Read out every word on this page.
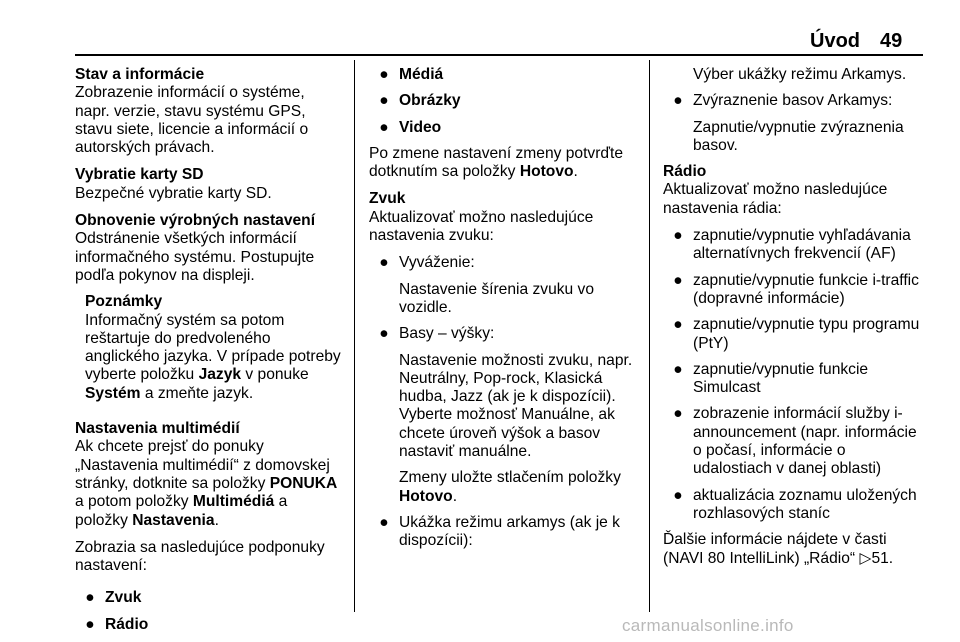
Úvod 49
Stav a informácie
Zobrazenie informácií o systéme, napr. verzie, stavu systému GPS, stavu siete, licencie a informácií o autorských právach.
Vybratie karty SD
Bezpečné vybratie karty SD.
Obnovenie výrobných nastavení
Odstránenie všetkých informácií informačného systému. Postupujte podľa pokynov na displeji.
Poznámky
Informačný systém sa potom reštartuje do predvoleného anglického jazyka. V prípade potreby vyberte položku Jazyk v ponuke Systém a zmeňte jazyk.
Nastavenia multimédií
Ak chcete prejsť do ponuky „Nastavenia multimédií“ z domovskej stránky, dotknite sa položky PONUKA a potom položky Multimédiá a položky Nastavenia.
Zobrazia sa nasledujúce podponuky nastavení:
● Zvuk
● Rádio
● Médiá
● Obrázky
● Video
Po zmene nastavení zmeny potvrďte dotknutím sa položky Hotovo.
Zvuk
Aktualizovať možno nasledujúce nastavenia zvuku:
● Vyváženie:
Nastavenie šírenia zvuku vo vozidle.
● Basy – výšky:
Nastavenie možnosti zvuku, napr. Neutrálny, Pop-rock, Klasická hudba, Jazz (ak je k dispozícii). Vyberte možnosť Manuálne, ak chcete úroveň výšok a basov nastaviť manuálne.
Zmeny uložte stlačením položky Hotovo.
● Ukážka režimu arkamys (ak je k dispozícii):
Výber ukážky režimu Arkamys.
● Zvýraznenie basov Arkamys:
Zapnutie/vypnutie zvýraznenia basov.
Rádio
Aktualizovať možno nasledujúce nastavenia rádia:
● zapnutie/vypnutie vyhľadávania alternatívnych frekvencií (AF)
● zapnutie/vypnutie funkcie i-traffic (dopravné informácie)
● zapnutie/vypnutie typu programu (PtY)
● zapnutie/vypnutie funkcie Simulcast
● zobrazenie informácií služby i-announcement (napr. informácie o počasí, informácie o udalostiach v danej oblasti)
● aktualizácia zoznamu uložených rozhlasových staníc
Ďalšie informácie nájdete v časti (NAVI 80 IntelliLink) „Rádio“ ▷51.
carmanualsonline.info
